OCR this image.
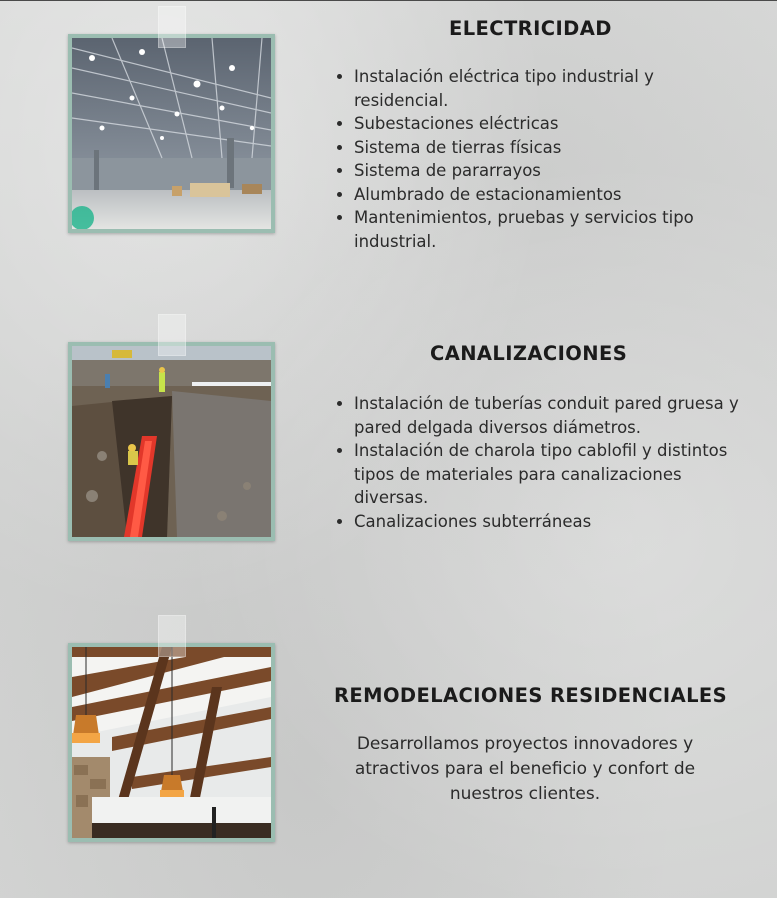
ELECTRICIDAD
• Instalación eléctrica tipo industrial y residencial.
• Subestaciones eléctricas
• Sistema de tierras físicas
• Sistema de pararrayos
• Alumbrado de estacionamientos
• Mantenimientos, pruebas y servicios tipo industrial.
CANALIZACIONES
• Instalación de tuberías conduit pared gruesa y pared delgada diversos diámetros.
• Instalación de charola tipo cablofil y distintos tipos de materiales para canalizaciones diversas.
• Canalizaciones subterráneas
REMODELACIONES RESIDENCIALES

Desarrollamos proyectos innovadores y atractivos para el beneficio y confort de nuestros clientes.
